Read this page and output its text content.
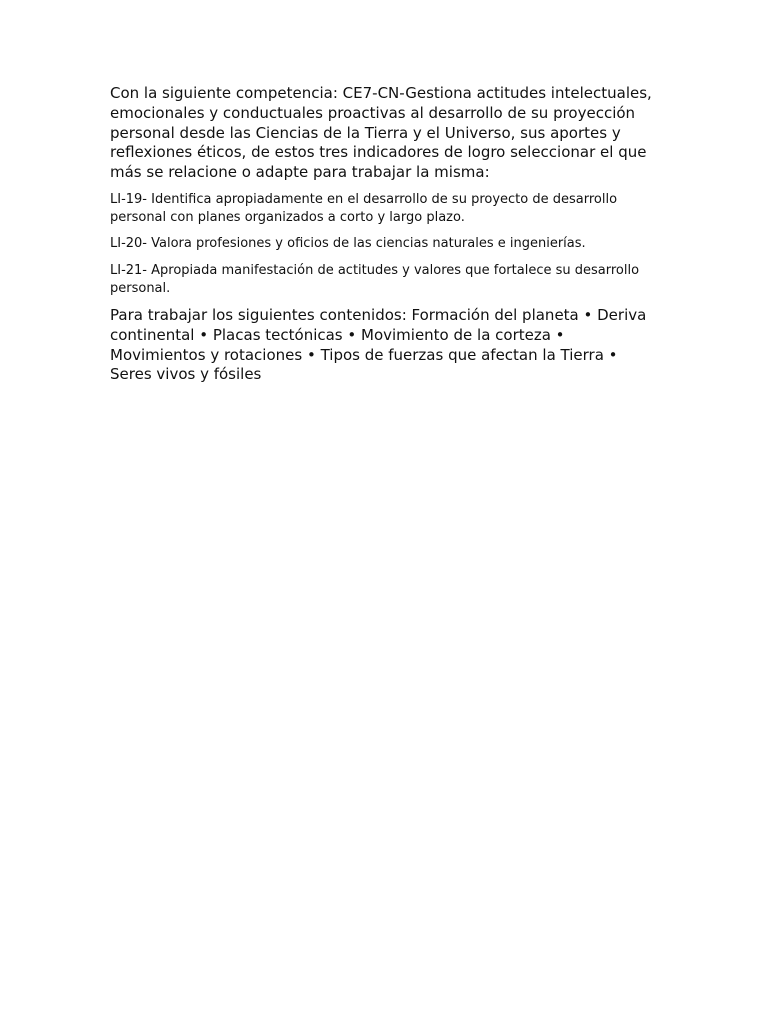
Con la siguiente competencia: CE7-CN-Gestiona actitudes intelectuales, emocionales y conductuales proactivas al desarrollo de su proyección personal desde las Ciencias de la Tierra y el Universo, sus aportes y reflexiones éticos, de estos tres indicadores de logro seleccionar el que más se relacione o adapte para trabajar la misma:

LI-19- Identifica apropiadamente en el desarrollo de su proyecto de desarrollo personal con planes organizados a corto y largo plazo.

LI-20- Valora profesiones y oficios de las ciencias naturales e ingenierías.

LI-21- Apropiada manifestación de actitudes y valores que fortalece su desarrollo personal.

Para trabajar los siguientes contenidos: Formación del planeta • Deriva continental • Placas tectónicas • Movimiento de la corteza • Movimientos y rotaciones • Tipos de fuerzas que afectan la Tierra • Seres vivos y fósiles
